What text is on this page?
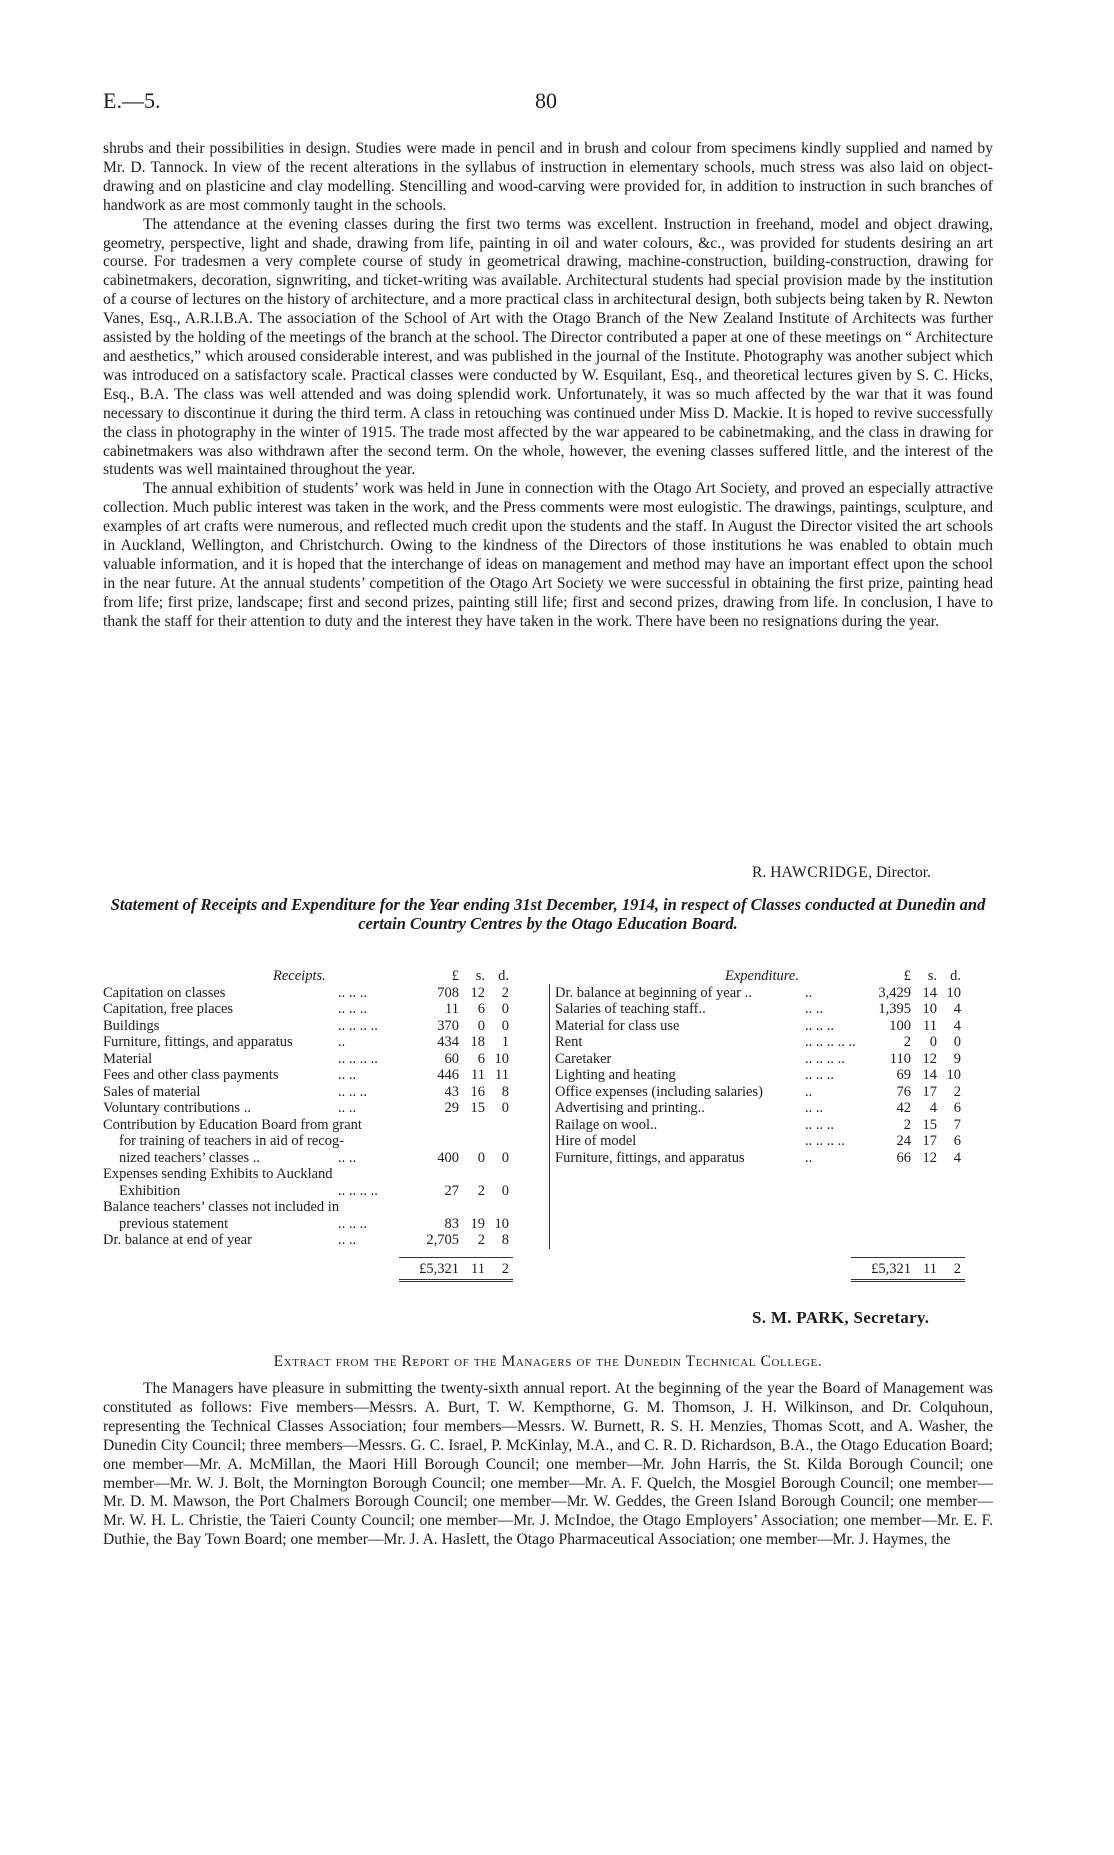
E.—5.	80

shrubs and their possibilities in design. Studies were made in pencil and in brush and colour from specimens kindly supplied and named by Mr. D. Tannock. In view of the recent alterations in the syllabus of instruction in elementary schools, much stress was also laid on object-drawing and on plasticine and clay modelling. Stencilling and wood-carving were provided for, in addition to instruction in such branches of handwork as are most commonly taught in the schools.

The attendance at the evening classes during the first two terms was excellent. Instruction in freehand, model and object drawing, geometry, perspective, light and shade, drawing from life, painting in oil and water colours, &c., was provided for students desiring an art course. For tradesmen a very complete course of study in geometrical drawing, machine-construction, building-construction, drawing for cabinetmakers, decoration, signwriting, and ticket-writing was available. Architectural students had special provision made by the institution of a course of lectures on the history of architecture, and a more practical class in architectural design, both subjects being taken by R. Newton Vanes, Esq., A.R.I.B.A. The association of the School of Art with the Otago Branch of the New Zealand Institute of Architects was further assisted by the holding of the meetings of the branch at the school. The Director contributed a paper at one of these meetings on “ Architecture and aesthetics,” which aroused considerable interest, and was published in the journal of the Institute. Photography was another subject which was introduced on a satisfactory scale. Practical classes were conducted by W. Esquilant, Esq., and theoretical lectures given by S. C. Hicks, Esq., B.A. The class was well attended and was doing splendid work. Unfortunately, it was so much affected by the war that it was found necessary to discontinue it during the third term. A class in retouching was continued under Miss D. Mackie. It is hoped to revive successfully the class in photography in the winter of 1915. The trade most affected by the war appeared to be cabinetmaking, and the class in drawing for cabinetmakers was also withdrawn after the second term. On the whole, however, the evening classes suffered little, and the interest of the students was well maintained throughout the year.

The annual exhibition of students’ work was held in June in connection with the Otago Art Society, and proved an especially attractive collection. Much public interest was taken in the work, and the Press comments were most eulogistic. The drawings, paintings, sculpture, and examples of art crafts were numerous, and reflected much credit upon the students and the staff. In August the Director visited the art schools in Auckland, Wellington, and Christchurch. Owing to the kindness of the Directors of those institutions he was enabled to obtain much valuable information, and it is hoped that the interchange of ideas on management and method may have an important effect upon the school in the near future. At the annual students’ competition of the Otago Art Society we were successful in obtaining the first prize, painting head from life; first prize, landscape; first and second prizes, painting still life; first and second prizes, drawing from life. In conclusion, I have to thank the staff for their attention to duty and the interest they have taken in the work. There have been no resignations during the year.

R. HAWCRIDGE, Director.
Statement of Receipts and Expenditure for the Year ending 31st December, 1914, in respect of Classes conducted at Dunedin and certain Country Centres by the Otago Education Board.
Receipts.	£	s. d.
Capitation on classes	.. .. ..	708 12	2
Capitation, free places	.. .. ..	11	6	0
Buildings	.. .. .. ..	370	0	0
Furniture, fittings, and apparatus	..	434 18	1
Material	.. .. .. ..	60	6 10
Fees and other class payments	.. ..	446 11 11
Sales of material	.. .. ..	43 16	8
Voluntary contributions ..	.. ..	29 15	0
Contribution by Education Board from grant
for training of teachers in aid of recog-
nized teachers’ classes ..	.. ..	400	0	0
Expenses sending Exhibits to Auckland
Exhibition	.. .. .. ..	27	2	0
Balance teachers’ classes not included in
previous statement	.. .. ..	83 19 10
Dr. balance at end of year	.. ..	2,705	2	8
£5,321 11	2
Expenditure.	£	s. d.
Dr. balance at beginning of year ..	..	3,429 14 10
Salaries of teaching staff..	.. ..	1,395 10	4
Material for class use	.. .. ..	100 11	4
Rent	.. .. .. .. ..	2	0	0
Caretaker	.. .. .. ..	110 12	9
Lighting and heating	.. .. ..	69 14 10
Office expenses (including salaries)	..	76 17	2
Advertising and printing..	.. ..	42	4	6
Railage on wool..	.. .. ..	2 15	7
Hire of model	.. .. .. ..	24 17	6
Furniture, fittings, and apparatus	..	66 12	4
£5,321 11	2
S. M. PARK, Secretary.
Extract from the Report of the Managers of the Dunedin Technical College.

The Managers have pleasure in submitting the twenty-sixth annual report. At the beginning of the year the Board of Management was constituted as follows: Five members—Messrs. A. Burt, T. W. Kempthorne, G. M. Thomson, J. H. Wilkinson, and Dr. Colquhoun, representing the Technical Classes Association; four members—Messrs. W. Burnett, R. S. H. Menzies, Thomas Scott, and A. Washer, the Dunedin City Council; three members—Messrs. G. C. Israel, P. McKinlay, M.A., and C. R. D. Richardson, B.A., the Otago Education Board; one member—Mr. A. McMillan, the Maori Hill Borough Council; one member—Mr. John Harris, the St. Kilda Borough Council; one member—Mr. W. J. Bolt, the Mornington Borough Council; one member—Mr. A. F. Quelch, the Mosgiel Borough Council; one member—Mr. D. M. Mawson, the Port Chalmers Borough Council; one member—Mr. W. Geddes, the Green Island Borough Council; one member—Mr. W. H. L. Christie, the Taieri County Council; one member—Mr. J. McIndoe, the Otago Employers’ Association; one member—Mr. E. F. Duthie, the Bay Town Board; one member—Mr. J. A. Haslett, the Otago Pharmaceutical Association; one member—Mr. J. Haymes, the
